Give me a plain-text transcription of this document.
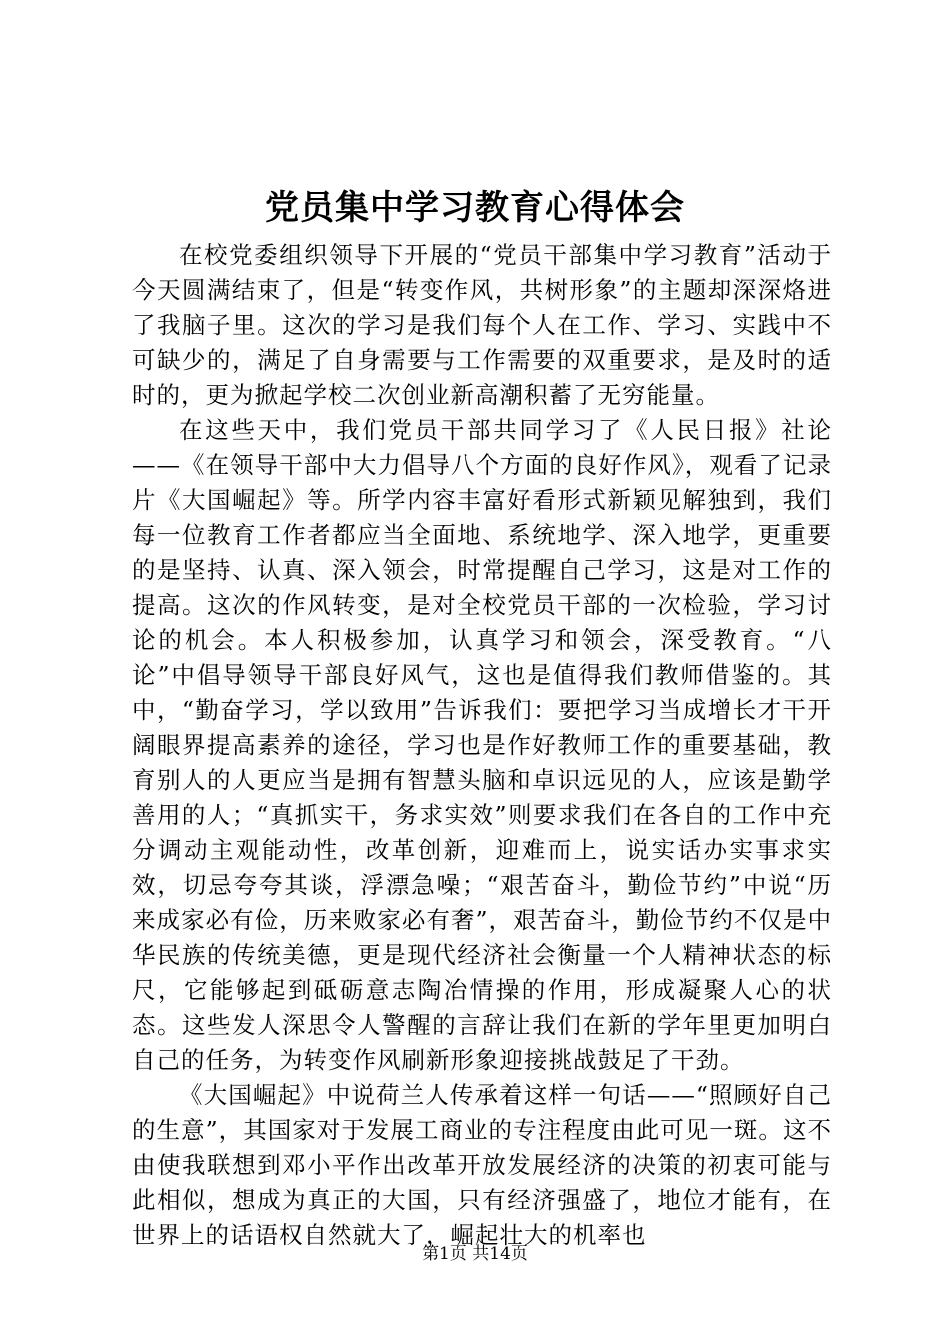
党员集中学习教育心得体会

在校党委组织领导下开展的“党员干部集中学习教育”活动于今天圆满结束了，但是“转变作风，共树形象”的主题却深深烙进了我脑子里。这次的学习是我们每个人在工作、学习、实践中不可缺少的，满足了自身需要与工作需要的双重要求，是及时的适时的，更为掀起学校二次创业新高潮积蓄了无穷能量。

在这些天中，我们党员干部共同学习了《人民日报》社论——《在领导干部中大力倡导八个方面的良好作风》，观看了记录片《大国崛起》等。所学内容丰富好看形式新颖见解独到，我们每一位教育工作者都应当全面地、系统地学、深入地学，更重要的是坚持、认真、深入领会，时常提醒自己学习，这是对工作的提高。这次的作风转变，是对全校党员干部的一次检验，学习讨论的机会。本人积极参加，认真学习和领会，深受教育。“八论”中倡导领导干部良好风气，这也是值得我们教师借鉴的。其中，“勤奋学习，学以致用”告诉我们：要把学习当成增长才干开阔眼界提高素养的途径，学习也是作好教师工作的重要基础，教育别人的人更应当是拥有智慧头脑和卓识远见的人，应该是勤学善用的人；“真抓实干，务求实效”则要求我们在各自的工作中充分调动主观能动性，改革创新，迎难而上，说实话办实事求实效，切忌夸夸其谈，浮漂急噪；“艰苦奋斗，勤俭节约”中说“历来成家必有俭，历来败家必有奢”，艰苦奋斗，勤俭节约不仅是中华民族的传统美德，更是现代经济社会衡量一个人精神状态的标尺，它能够起到砥砺意志陶冶情操的作用，形成凝聚人心的状态。这些发人深思令人警醒的言辞让我们在新的学年里更加明白自己的任务，为转变作风刷新形象迎接挑战鼓足了干劲。

《大国崛起》中说荷兰人传承着这样一句话——“照顾好自己的生意”，其国家对于发展工商业的专注程度由此可见一斑。这不由使我联想到邓小平作出改革开放发展经济的决策的初衷可能与此相似，想成为真正的大国，只有经济强盛了，地位才能有，在世界上的话语权自然就大了，崛起壮大的机率也

第1页 共14页
